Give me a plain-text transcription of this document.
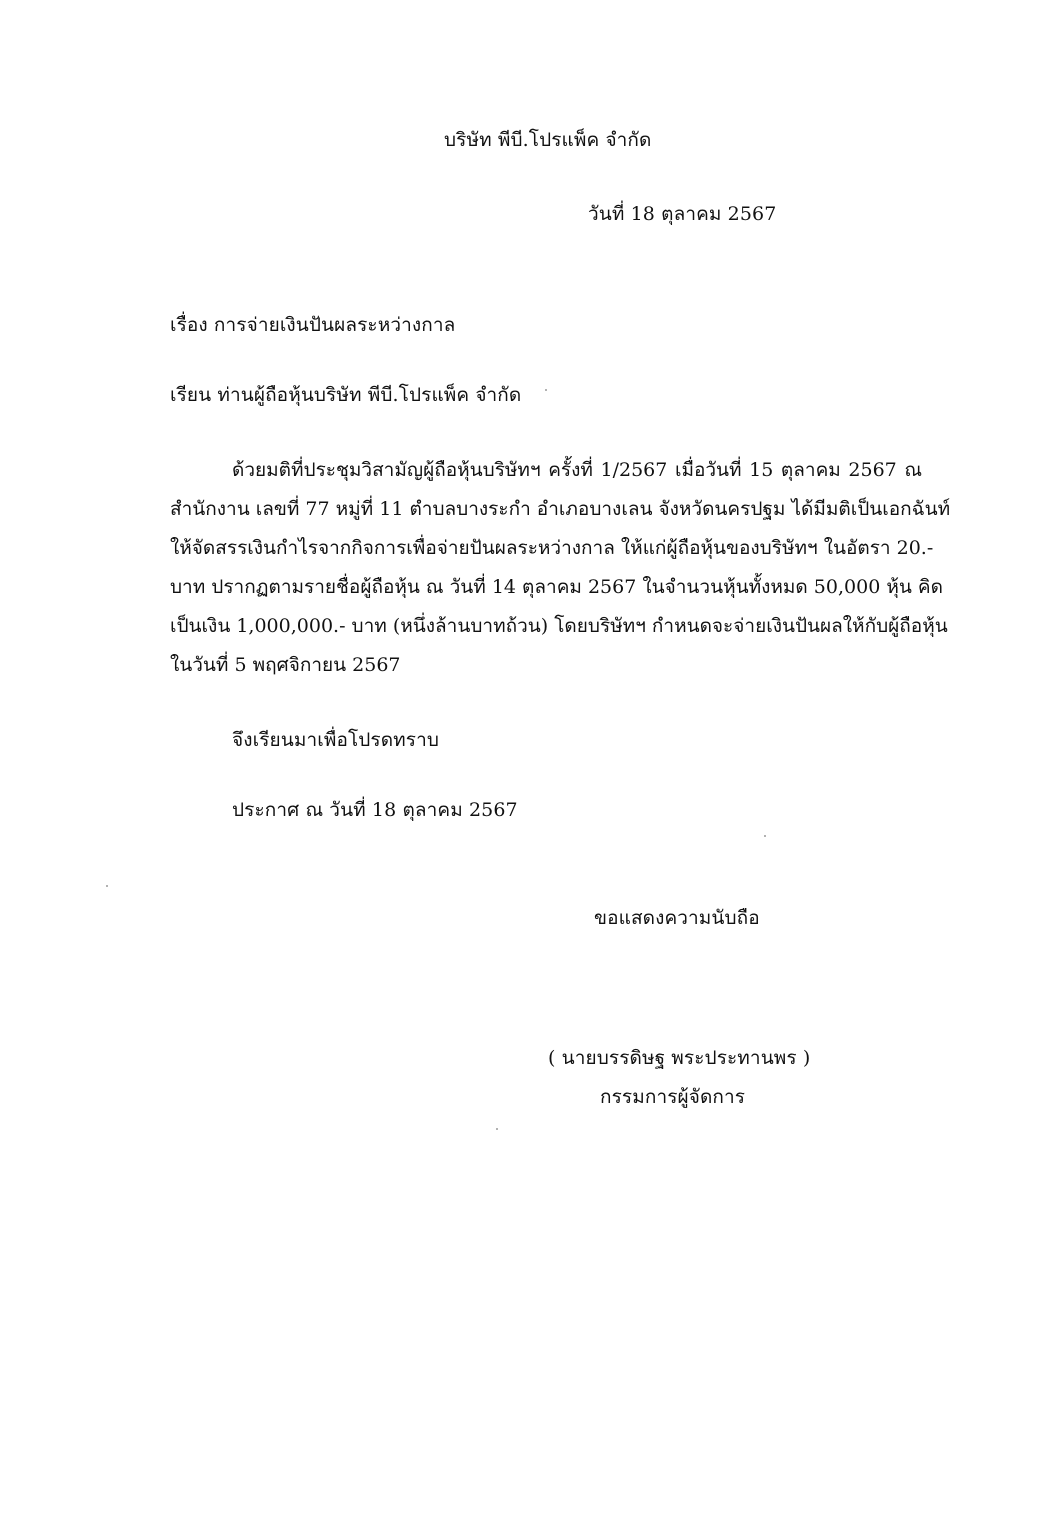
บริษัท พีบี.โปรแพ็ค จำกัด
วันที่ 18 ตุลาคม 2567
เรื่อง การจ่ายเงินปันผลระหว่างกาล
เรียน ท่านผู้ถือหุ้นบริษัท พีบี.โปรแพ็ค จำกัด
ด้วยมติที่ประชุมวิสามัญผู้ถือหุ้นบริษัทฯ ครั้งที่ 1/2567 เมื่อวันที่ 15 ตุลาคม 2567 ณ
สำนักงาน เลขที่ 77 หมู่ที่ 11 ตำบลบางระกำ อำเภอบางเลน จังหวัดนครปฐม ได้มีมติเป็นเอกฉันท์
ให้จัดสรรเงินกำไรจากกิจการเพื่อจ่ายปันผลระหว่างกาล ให้แก่ผู้ถือหุ้นของบริษัทฯ ในอัตรา 20.-
บาท ปรากฏตามรายชื่อผู้ถือหุ้น ณ วันที่ 14 ตุลาคม 2567 ในจำนวนหุ้นทั้งหมด 50,000 หุ้น คิด
เป็นเงิน 1,000,000.- บาท (หนึ่งล้านบาทถ้วน) โดยบริษัทฯ กำหนดจะจ่ายเงินปันผลให้กับผู้ถือหุ้น
ในวันที่ 5 พฤศจิกายน 2567
จึงเรียนมาเพื่อโปรดทราบ
ประกาศ ณ วันที่ 18 ตุลาคม 2567
ขอแสดงความนับถือ
( นายบรรดิษฐ พระประทานพร )
กรรมการผู้จัดการ
